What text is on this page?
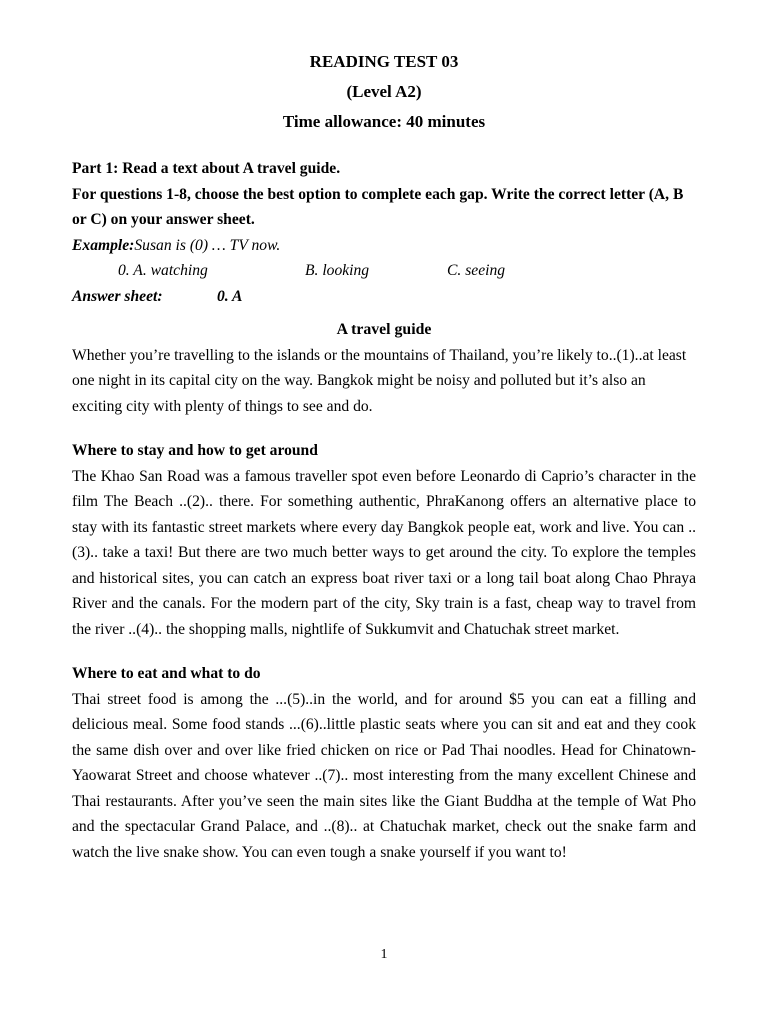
READING TEST 03
(Level A2)
Time allowance: 40 minutes
Part 1: Read a text about A travel guide.
For questions 1-8, choose the best option to complete each gap. Write the correct letter (A, B or C) on your answer sheet.
Example:Susan is (0) … TV now.
0. A. watching	B. looking	C. seeing
Answer sheet:	0. A
A travel guide
Whether you’re travelling to the islands or the mountains of Thailand, you’re likely to..(1)..at least one night in its capital city on the way. Bangkok might be noisy and polluted but it’s also an exciting city with plenty of things to see and do.
Where to stay and how to get around
The Khao San Road was a famous traveller spot even before Leonardo di Caprio’s character in the film The Beach ..(2).. there. For something authentic, PhraKanong offers an alternative place to stay with its fantastic street markets where every day Bangkok people eat, work and live. You can ..(3).. take a taxi! But there are two much better ways to get around the city. To explore the temples and historical sites, you can catch an express boat river taxi or a long tail boat along Chao Phraya River and the canals. For the modern part of the city, Sky train is a fast, cheap way to travel from the river ..(4).. the shopping malls, nightlife of Sukkumvit and Chatuchak street market.
Where to eat and what to do
Thai street food is among the ...(5)..in the world, and for around $5 you can eat a filling and delicious meal. Some food stands ...(6)..little plastic seats where you can sit and eat and they cook the same dish over and over like fried chicken on rice or Pad Thai noodles. Head for Chinatown-Yaowarat Street and choose whatever ..(7).. most interesting from the many excellent Chinese and Thai restaurants. After you’ve seen the main sites like the Giant Buddha at the temple of Wat Pho and the spectacular Grand Palace, and ..(8).. at Chatuchak market, check out the snake farm and watch the live snake show. You can even tough a snake yourself if you want to!
1
